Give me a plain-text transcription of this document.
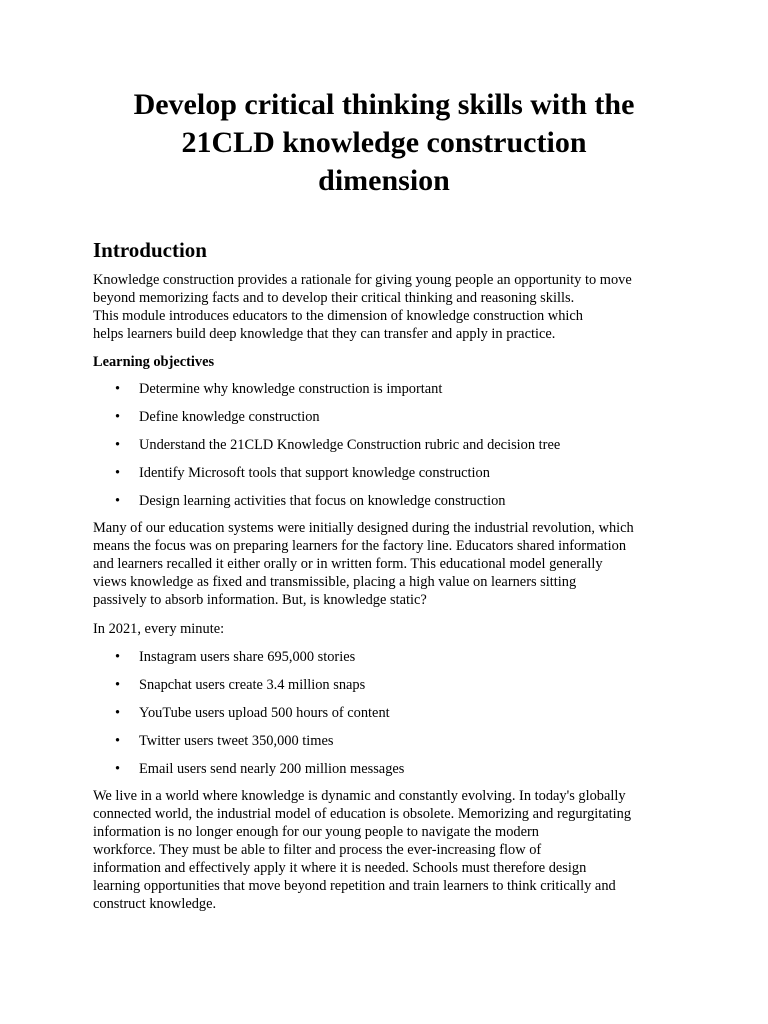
Develop critical thinking skills with the
21CLD knowledge construction
dimension
Introduction

Knowledge construction provides a rationale for giving young people an opportunity to move
beyond memorizing facts and to develop their critical thinking and reasoning skills.
This module introduces educators to the dimension of knowledge construction which
helps learners build deep knowledge that they can transfer and apply in practice.

Learning objectives

• Determine why knowledge construction is important
• Define knowledge construction
• Understand the 21CLD Knowledge Construction rubric and decision tree
• Identify Microsoft tools that support knowledge construction
• Design learning activities that focus on knowledge construction

Many of our education systems were initially designed during the industrial revolution, which
means the focus was on preparing learners for the factory line. Educators shared information
and learners recalled it either orally or in written form. This educational model generally
views knowledge as fixed and transmissible, placing a high value on learners sitting
passively to absorb information. But, is knowledge static?

In 2021, every minute:

• Instagram users share 695,000 stories
• Snapchat users create 3.4 million snaps
• YouTube users upload 500 hours of content
• Twitter users tweet 350,000 times
• Email users send nearly 200 million messages

We live in a world where knowledge is dynamic and constantly evolving. In today's globally
connected world, the industrial model of education is obsolete. Memorizing and regurgitating
information is no longer enough for our young people to navigate the modern
workforce. They must be able to filter and process the ever-increasing flow of
information and effectively apply it where it is needed. Schools must therefore design
learning opportunities that move beyond repetition and train learners to think critically and
construct knowledge.
